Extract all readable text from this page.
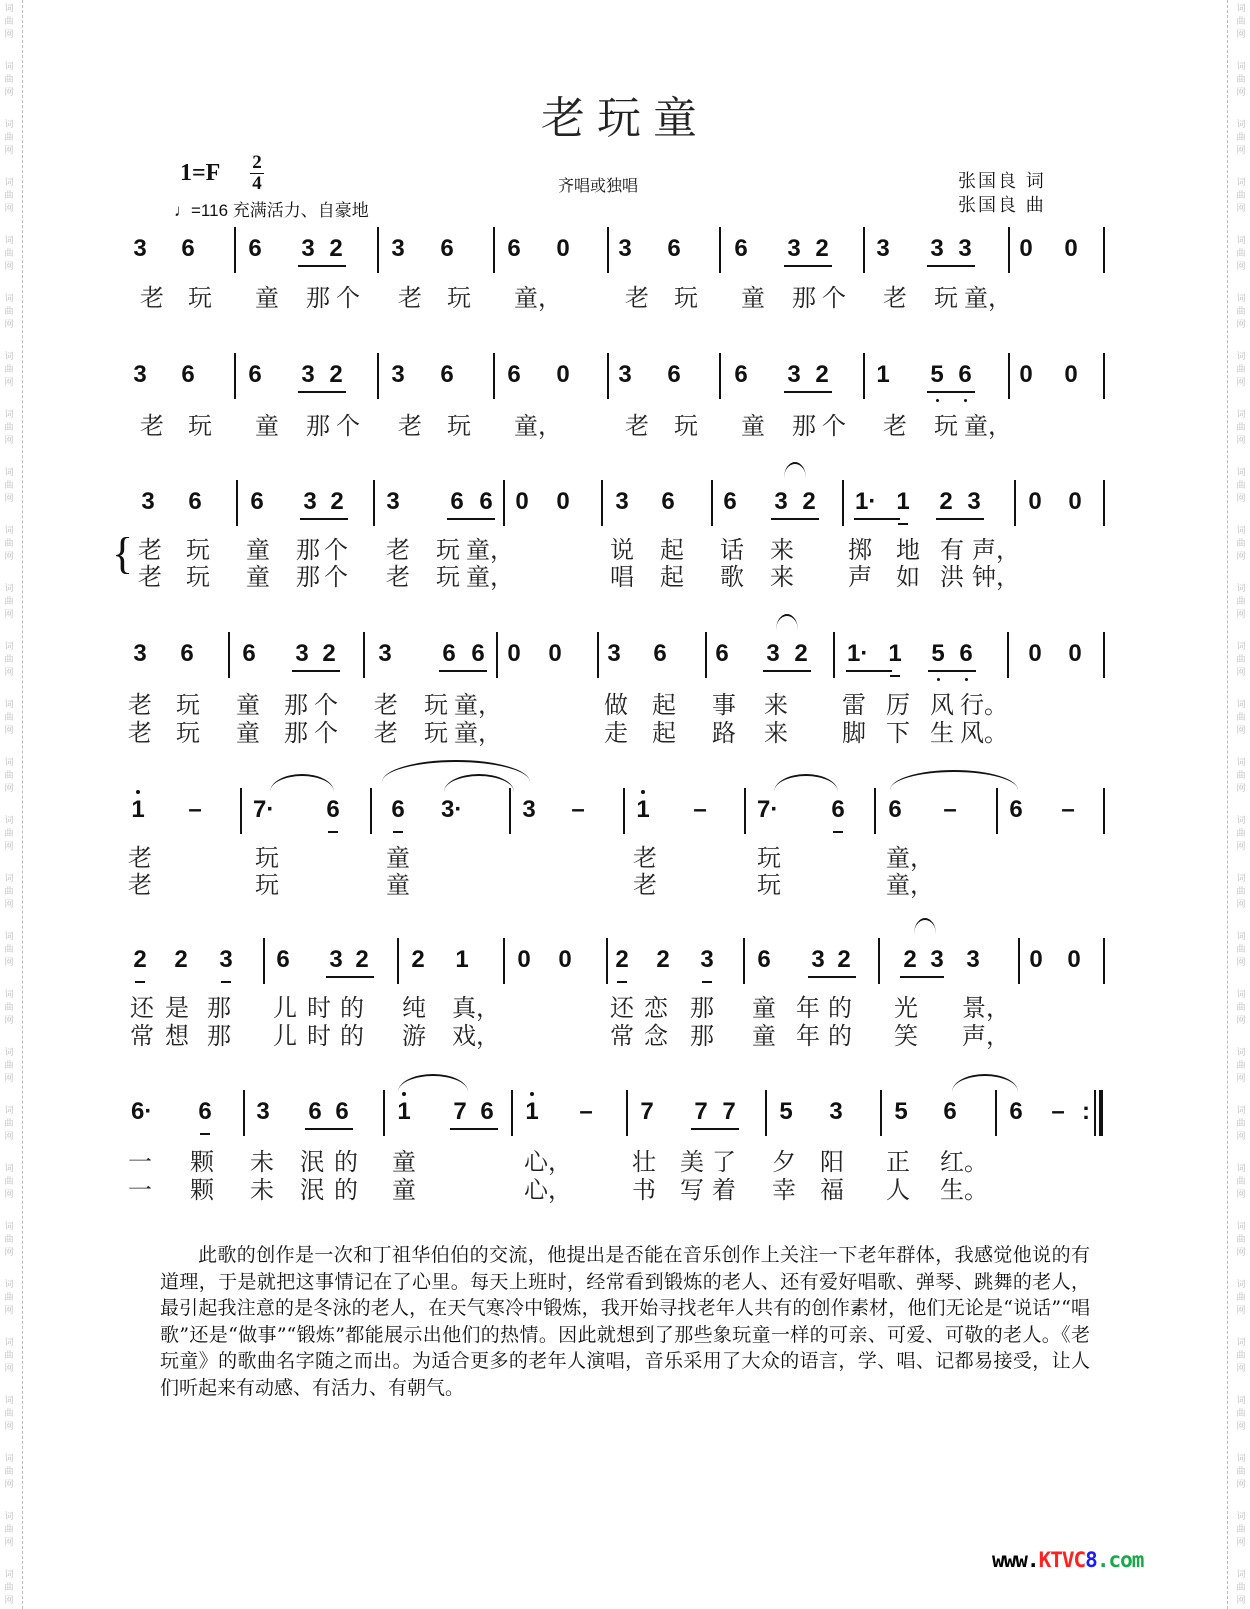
词
曲
网
词
曲
网
词
曲
网
词
曲
网
词
曲
网
词
曲
网
词
曲
网
词
曲
网
词
曲
网
词
曲
网
词
曲
网
词
曲
网
词
曲
网
词
曲
网
词
曲
网
词
曲
网
词
曲
网
词
曲
网
词
曲
网
词
曲
网
词
曲
网
词
曲
网
词
曲
网
词
曲
网
词
曲
网
词
曲
网
词
曲
网
词
曲
网
词
曲
网
词
曲
网
词
曲
网
词
曲
网
词
曲
网
词
曲
网
词
曲
网
词
曲
网
词
曲
网
词
曲
网
词
曲
网
词
曲
网
词
曲
网
词
曲
网
词
曲
网
词
曲
网
词
曲
网
词
曲
网
词
曲
网
词
曲
网
词
曲
网
词
曲
网
词
曲
网
词
曲
网
词
曲
网
词
曲
网
词
曲
网
词
曲
网
老玩童
1=F 2
4
♩=116 充满活力、自豪地
齐唱或独唱	张国良 词
张国良 曲
3 6 6 3 2 3 6 6 0 3 6 6 3 2 3 3 3 0 0
3 6 6 3 2 3 6 6 0 3 6 6 3 2 1 5 6 0 0
老 玩 童 那 个 老 玩 童，	老 玩 童 那 个 老 玩 童，
老 玩 童 那 个 老 玩 童，	老 玩 童 那 个 老 玩 童，
3 6 6 3 2 3 6 6 0 0 3 6 6 3 2 1· 1 2 3 0 0
老 玩 童 那 个 老 玩 童，	说 起 话 来 掷 地 有 声，
老 玩 童 那 个 老 玩 童，	唱 起 歌 来 声 如 洪 钟，
3 6 6 3 2 3 6 6 0 0 3 6 6 3 2 1· 1 5 6 0 0
老 玩 童 那 个 老 玩 童，	做 起 事 来 雷 厉 风 行。
老 玩 童 那 个 老 玩 童，	走 起 路 来 脚 下 生 风。
{
1 – 7· 6 6 3· 3 – 1 – 7· 6 6 – 6 –
老	玩	童	老	玩	童，
老	玩	童	老	玩	童，
2 2 3 6 3 2 2 1 0 0 2 2 3 6 3 2 2 3 3 0 0
还 是 那 儿 时 的 纯 真，	还 恋 那 童 年 的 光 景，
常 想 那 儿 时 的 游 戏，	常 念 那 童 年 的 笑 声，
6· 6 3 6 6 1 7 6 1 – 7 7 7 5 3 5 6 6 – :
一 颗 未 泯 的 童	心，	壮 美 了 夕 阳 正 红。
一 颗 未 泯 的 童	心，	书 写 着 幸 福 人 生。
此歌的创作是一次和丁祖华伯伯的交流，他提出是否能在音乐创作上关注一下老年群体，我感觉他说的有道理，于是就把这事情记在了心里。每天上班时，经常看到锻炼的老人、还有爱好唱歌、弹琴、跳舞的老人，最引起我注意的是冬泳的老人，在天气寒冷中锻炼，我开始寻找老年人共有的创作素材，他们无论是“说话”“唱歌”还是“做事”“锻炼”都能展示出他们的热情。因此就想到了那些象玩童一样的可亲、可爱、可敬的老人。《老玩童》的歌曲名字随之而出。为适合更多的老年人演唱，音乐采用了大众的语言，学、唱、记都易接受，让人们听起来有动感、有活力、有朝气。
www.KTVC8.com
